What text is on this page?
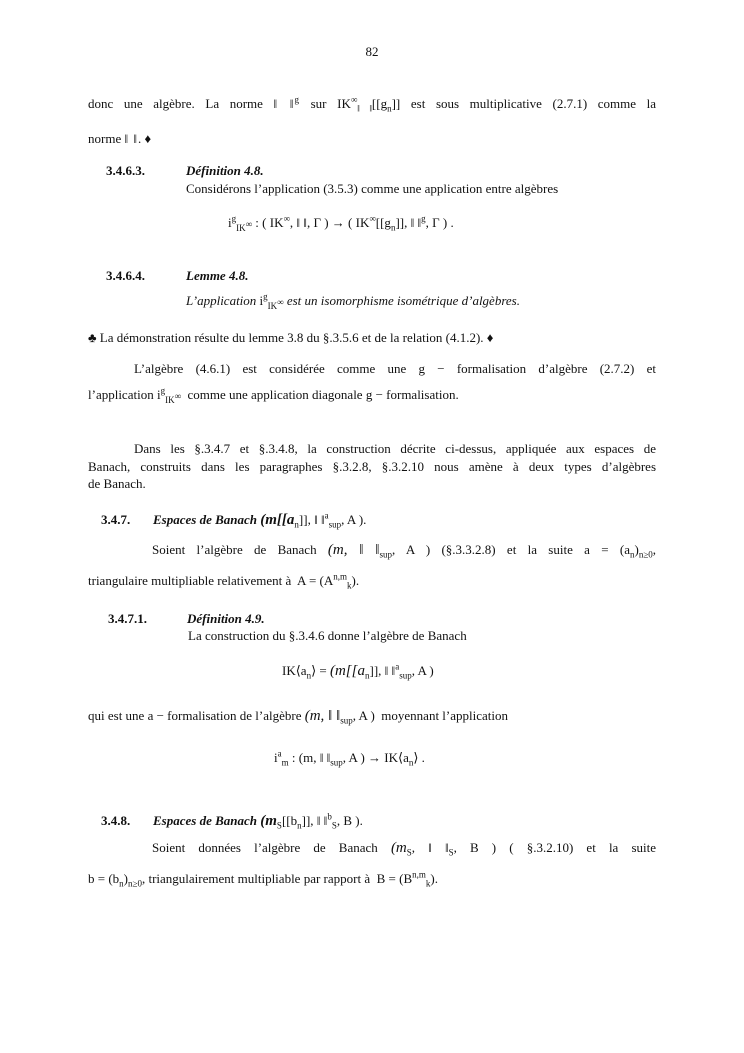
82
donc une algèbre. La norme ‖ ‖$^g$ sur $IK^\infty_{‖ ‖}[[g_n]]$ est sous multiplicative (2.7.1) comme la
norme ‖ ‖. ♦
3.4.6.3.	Définition 4.8.
Considérons l’application (3.5.3) comme une application entre algèbres
$i^g_{IK^\infty}$ : ( IK∞, ‖ ‖, Γ ) → ( $IK^\infty[[g_n]]$, ‖ ‖$^g$, Γ ) .
3.4.6.4.	Lemme 4.8.
L’application $i^g_{IK^\infty}$ est un isomorphisme isométrique d’algèbres.
♣ La démonstration résulte du lemme 3.8 du §.3.5.6 et de la relation (4.1.2). ♦
L’algèbre (4.6.1) est considérée comme une g − formalisation d’algèbre (2.7.2) et
l’application $i^g_{IK^\infty}$ comme une application diagonale g − formalisation.
Dans les §.3.4.7 et §.3.4.8, la construction décrite ci-dessus, appliquée aux espaces de
Banach, construits dans les paragraphes §.3.2.8, §.3.2.10 nous amène à deux types d’algèbres
de Banach.
3.4.7. Espaces de Banach ($m[[a_n]]$, ‖ ‖$^a_{sup}$, A ).
Soient l’algèbre de Banach (m, ‖ $‖_{sup}$, A ) (§.3.3.2.8) et la suite $a = (a_n)_{n\ge 0}$,
triangulaire multipliable relativement à $A = (A^{n,m}_k)$.
3.4.7.1.	Définition 4.9.
La construction du §.3.4.6 donne l’algèbre de Banach
$IK⟨a_n⟩ = (m[[a_n]]$, ‖ ‖$^a_{sup}$, A )
qui est une a − formalisation de l’algèbre (m, ‖ $‖_{sup}$, A ) moyennant l’application
$i^a_m$ : (m, ‖ $‖_{sup}$, A ) → $IK⟨a_n⟩$ .
3.4.8. Espaces de Banach ($m_S[[b_n]]$, ‖ ‖$^b_S$, B ).
Soient données l’algèbre de Banach ($m_S$, ‖ $‖_S$, B ) ( §.3.2.10) et la suite
$b = (b_n)_{n\ge 0}$, triangulairement multipliable par rapport à $B = (B^{n,m}_k)$.
